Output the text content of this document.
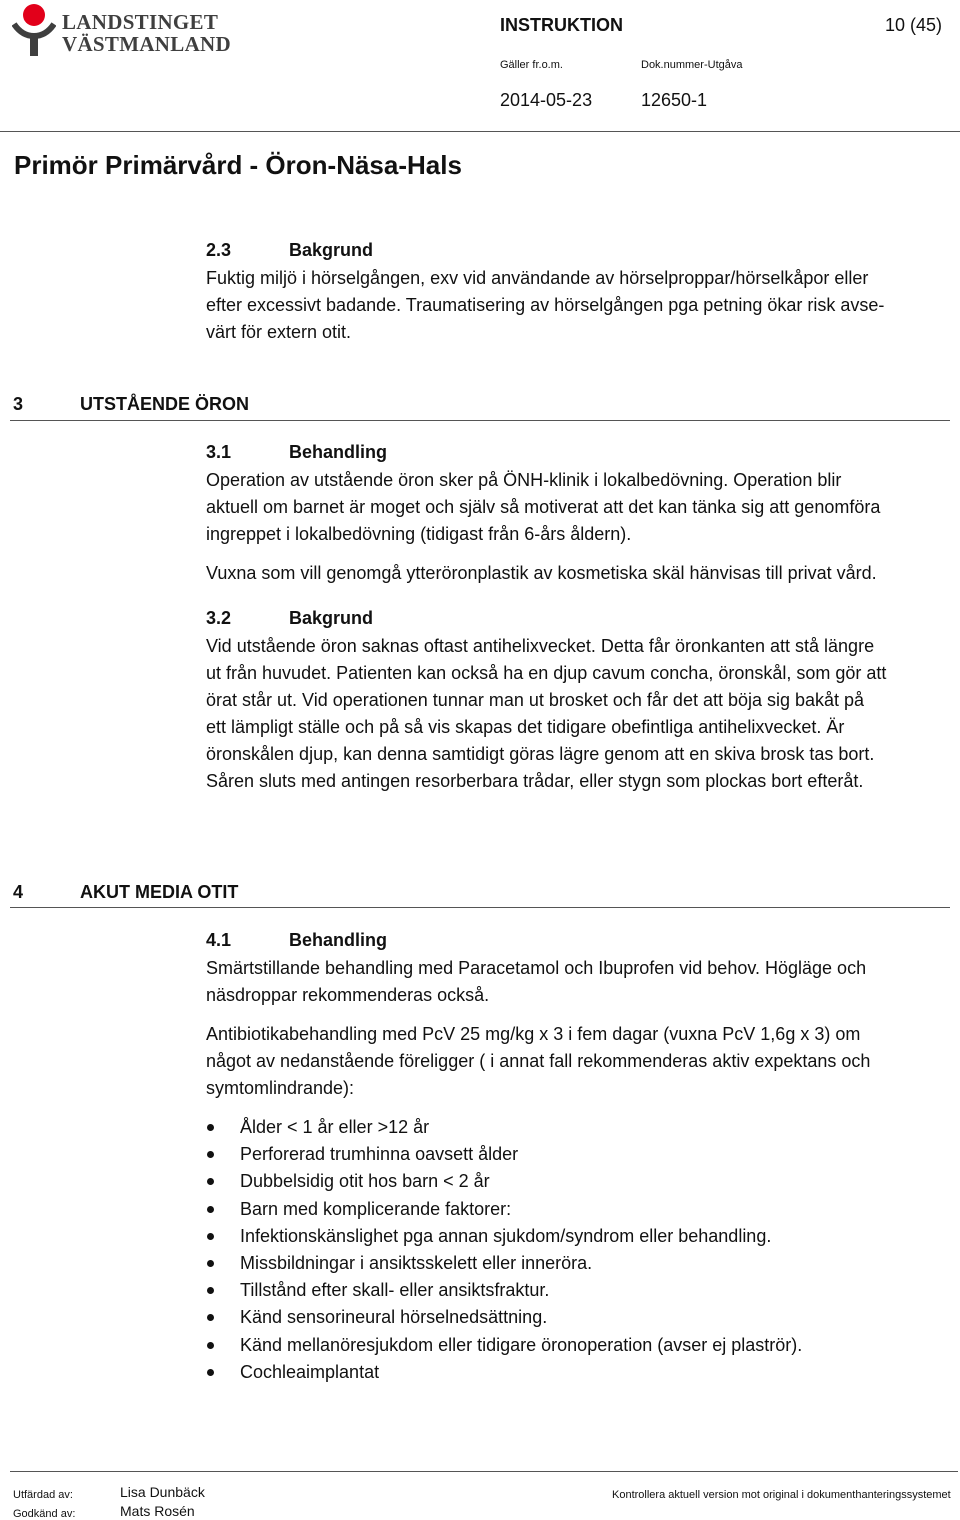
LANDSTINGET
VÄSTMANLAND
INSTRUKTION	10 (45)
Gäller fr.o.m.	Dok.nummer-Utgåva
2014-05-23	12650-1
Primör Primärvård - Öron-Näsa-Hals
2.3	Bakgrund

Fuktig miljö i hörselgången, exv vid användande av hörselproppar/hörselkåpor eller
efter excessivt badande. Traumatisering av hörselgången pga petning ökar risk avse-
värt för extern otit.

3	UTSTÅENDE ÖRON
3.1	Behandling

Operation av utstående öron sker på ÖNH-klinik i lokalbedövning. Operation blir
aktuell om barnet är moget och själv så motiverat att det kan tänka sig att genomföra
ingreppet i lokalbedövning (tidigast från 6-års åldern).

Vuxna som vill genomgå ytteröronplastik av kosmetiska skäl hänvisas till privat vård.

3.2	Bakgrund

Vid utstående öron saknas oftast antihelixvecket. Detta får öronkanten att stå längre
ut från huvudet. Patienten kan också ha en djup cavum concha, öronskål, som gör att
örat står ut. Vid operationen tunnar man ut brosket och får det att böja sig bakåt på
ett lämpligt ställe och på så vis skapas det tidigare obefintliga antihelixvecket. Är
öronskålen djup, kan denna samtidigt göras lägre genom att en skiva brosk tas bort.
Såren sluts med antingen resorberbara trådar, eller stygn som plockas bort efteråt.

4	AKUT MEDIA OTIT
4.1	Behandling

Smärtstillande behandling med Paracetamol och Ibuprofen vid behov. Högläge och
näsdroppar rekommenderas också.

Antibiotikabehandling med PcV 25 mg/kg x 3 i fem dagar (vuxna PcV 1,6g x 3) om
något av nedanstående föreligger ( i annat fall rekommenderas aktiv expektans och
symtomlindrande):

Ålder < 1 år eller >12 år
Perforerad trumhinna oavsett ålder
Dubbelsidig otit hos barn < 2 år
Barn med komplicerande faktorer:
Infektionskänslighet pga annan sjukdom/syndrom eller behandling.
Missbildningar i ansiktsskelett eller inneröra.
Tillstånd efter skall- eller ansiktsfraktur.
Känd sensorineural hörselnedsättning.
Känd mellanöresjukdom eller tidigare öronoperation (avser ej plaströr).
Cochleaimplantat
Utfärdad av:	Lisa Dunbäck
Godkänd av:	Mats Rosén
Kontrollera aktuell version mot original i dokumenthanteringssystemet
